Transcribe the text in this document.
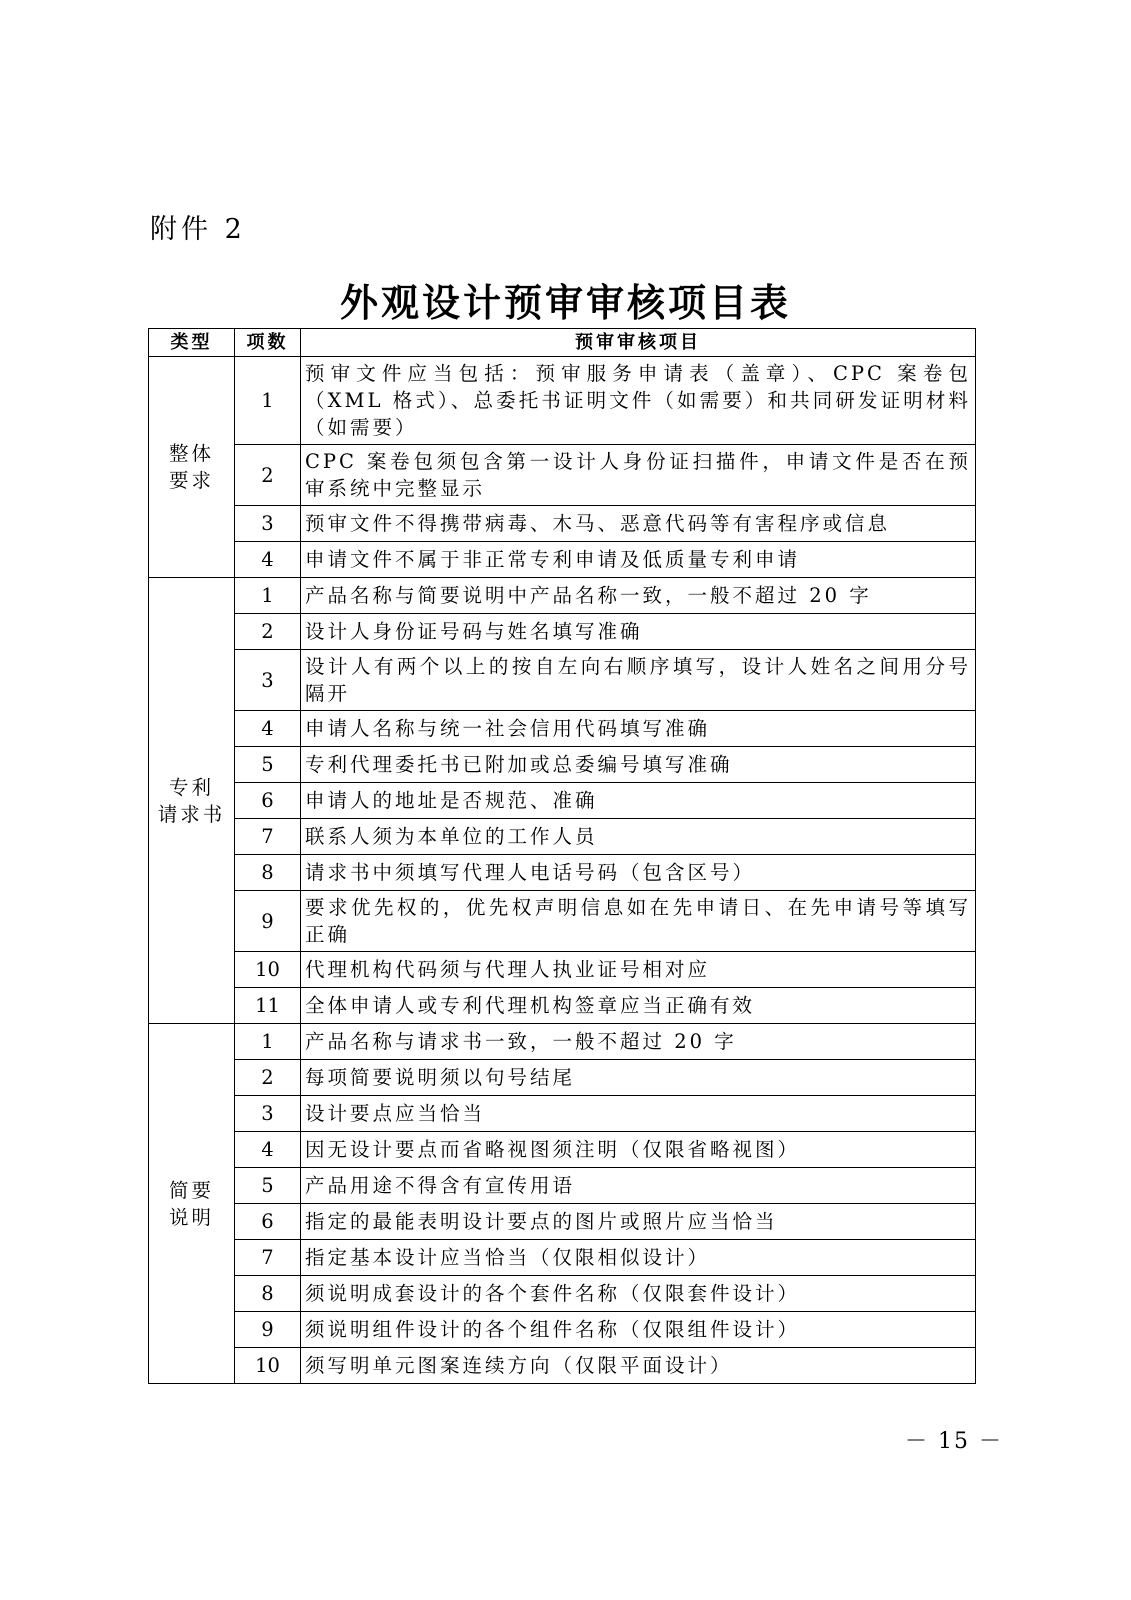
附件 2
外观设计预审审核项目表
类型	项数	预审审核项目

整体
要求	1	预审文件应当包括：预审服务申请表（盖章）、CPC 案卷包（XML 格式）、总委托书证明文件（如需要）和共同研发证明材料（如需要）
	2	CPC 案卷包须包含第一设计人身份证扫描件，申请文件是否在预审系统中完整显示
	3	预审文件不得携带病毒、木马、恶意代码等有害程序或信息
	4	申请文件不属于非正常专利申请及低质量专利申请

专利
请求书	1	产品名称与简要说明中产品名称一致，一般不超过 20 字
	2	设计人身份证号码与姓名填写准确
	3	设计人有两个以上的按自左向右顺序填写，设计人姓名之间用分号隔开
	4	申请人名称与统一社会信用代码填写准确
	5	专利代理委托书已附加或总委编号填写准确
	6	申请人的地址是否规范、准确
	7	联系人须为本单位的工作人员
	8	请求书中须填写代理人电话号码（包含区号）
	9	要求优先权的，优先权声明信息如在先申请日、在先申请号等填写正确
	10	代理机构代码须与代理人执业证号相对应
	11	全体申请人或专利代理机构签章应当正确有效

简要
说明	1	产品名称与请求书一致，一般不超过 20 字
	2	每项简要说明须以句号结尾
	3	设计要点应当恰当
	4	因无设计要点而省略视图须注明（仅限省略视图）
	5	产品用途不得含有宣传用语
	6	指定的最能表明设计要点的图片或照片应当恰当
	7	指定基本设计应当恰当（仅限相似设计）
	8	须说明成套设计的各个套件名称（仅限套件设计）
	9	须说明组件设计的各个组件名称（仅限组件设计）
	10	须写明单元图案连续方向（仅限平面设计）
－ 15 －
